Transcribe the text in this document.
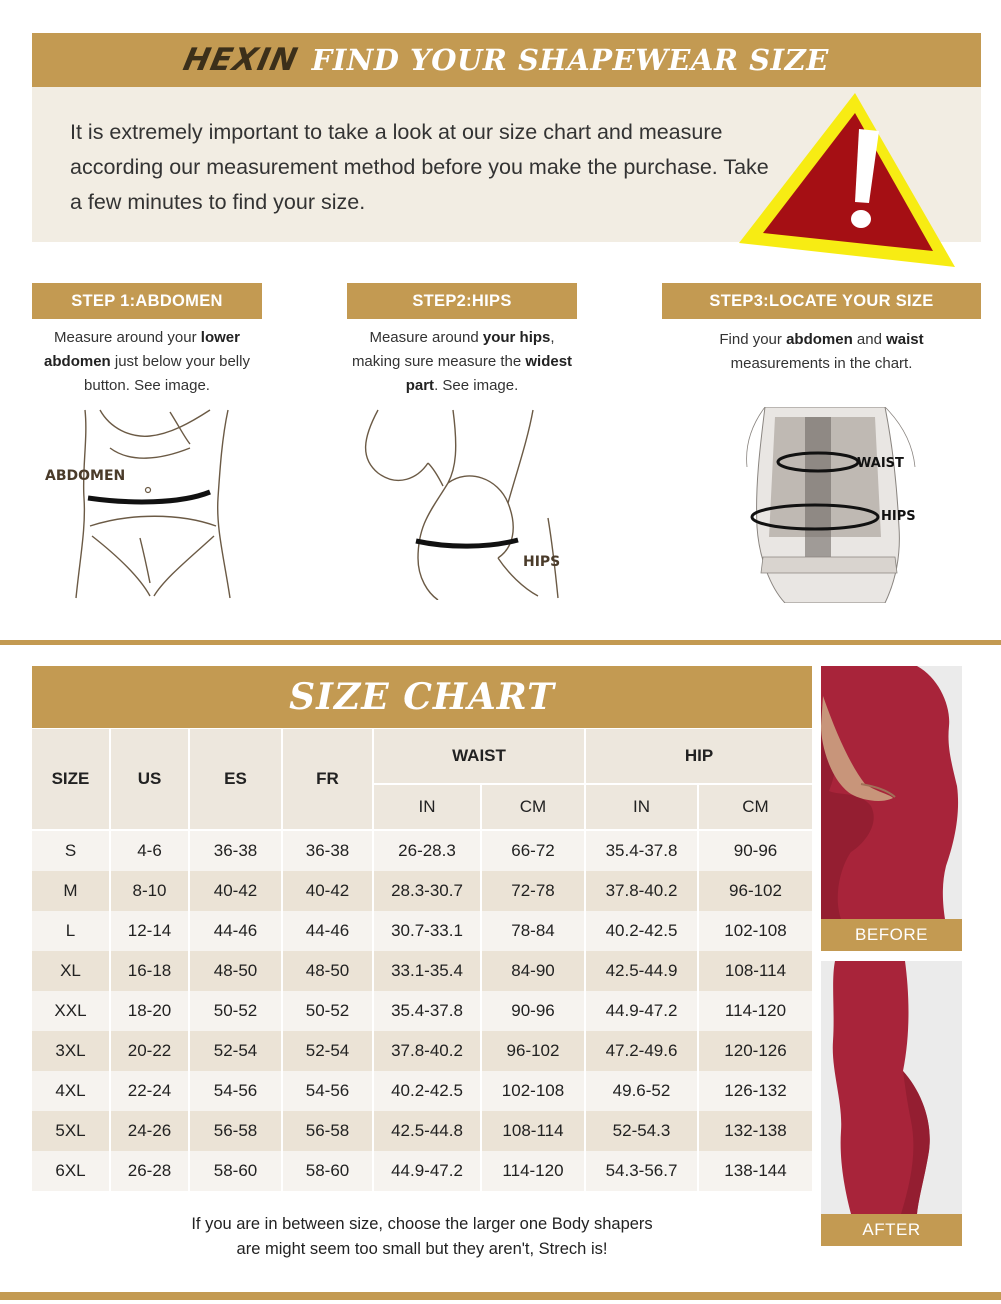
HEXIN FIND YOUR SHAPEWEAR SIZE

It is extremely important to take a look at our size chart and measure according our measurement method before you make the purchase. Take a few minutes to find your size.

STEP 1:ABDOMEN

Measure around your lower abdomen just below your belly button. See image.

ABDOMEN
STEP2:HIPS

Measure around your hips, making sure measure the widest part. See image.

HIPS
STEP3:LOCATE YOUR SIZE

Find your abdomen and waist
measurements in the chart.

WAIST
HIPS
SIZE CHART
SIZE	US	ES	FR	WAIST		HIP	
				IN	CM	IN	CM
S	4-6	36-38	36-38	26-28.3	66-72	35.4-37.8	90-96
M	8-10	40-42	40-42	28.3-30.7	72-78	37.8-40.2	96-102
L	12-14	44-46	44-46	30.7-33.1	78-84	40.2-42.5	102-108
XL	16-18	48-50	48-50	33.1-35.4	84-90	42.5-44.9	108-114
XXL	18-20	50-52	50-52	35.4-37.8	90-96	44.9-47.2	114-120
3XL	20-22	52-54	52-54	37.8-40.2	96-102	47.2-49.6	120-126
4XL	22-24	54-56	54-56	40.2-42.5	102-108	49.6-52	126-132
5XL	24-26	56-58	56-58	42.5-44.8	108-114	52-54.3	132-138
6XL	26-28	58-60	58-60	44.9-47.2	114-120	54.3-56.7	138-144

If you are in between size, choose the larger one Body shapers
are might seem too small but they aren't, Strech is!

BEFORE
AFTER
